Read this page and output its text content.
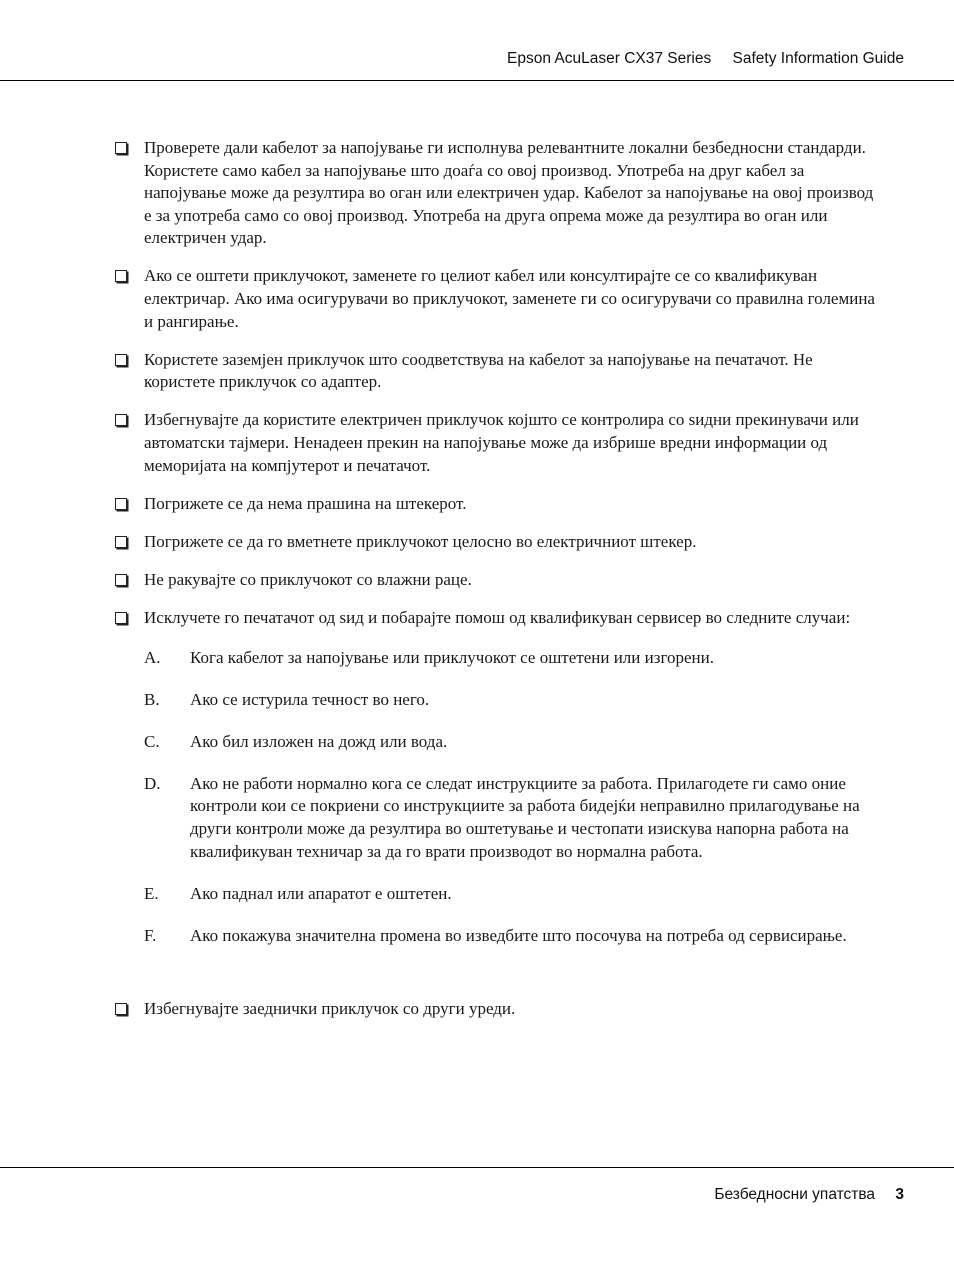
Epson AcuLaser CX37 Series Safety Information Guide
Проверете дали кабелот за напојување ги исполнува релевантните локални безбедносни стандарди. Користете само кабел за напојување што доаѓа со овој производ. Употреба на друг кабел за напојување може да резултира во оган или електричен удар. Кабелот за напојување на овој производ е за употреба само со овој производ. Употреба на друга опрема може да резултира во оган или електричен удар.
Ако се оштети приклучокот, заменете го целиот кабел или консултирајте се со квалификуван електричар. Ако има осигурувачи во приклучокот, заменете ги со осигурувачи со правилна големина и рангирање.
Користете заземјен приклучок што соодветствува на кабелот за напојување на печатачот. Не користете приклучок со адаптер.
Избегнувајте да користите електричен приклучок којшто се контролира со ѕидни прекинувачи или автоматски тајмери. Ненадеен прекин на напојување може да избрише вредни информации од меморијата на компјутерот и печатачот.
Погрижете се да нема прашина на штекерот.
Погрижете се да го вметнете приклучокот целосно во електричниот штекер.
Не ракувајте со приклучокот со влажни раце.
Исклучете го печатачот од ѕид и побарајте помош од квалификуван сервисер во следните случаи:
A. Кога кабелот за напојување или приклучокот се оштетени или изгорени.
B. Ако се истурила течност во него.
C. Ако бил изложен на дожд или вода.
D. Ако не работи нормално кога се следат инструкциите за работа. Прилагодете ги само оние контроли кои се покриени со инструкциите за работа бидејќи неправилно прилагодување на други контроли може да резултира во оштетување и честопати изискува напорна работа на квалификуван техничар за да го врати производот во нормална работа.
E. Ако паднал или апаратот е оштетен.
F. Ако покажува значителна промена во изведбите што посочува на потреба од сервисирање.
Избегнувајте заеднички приклучок со други уреди.
Безбедносни упатства 3
